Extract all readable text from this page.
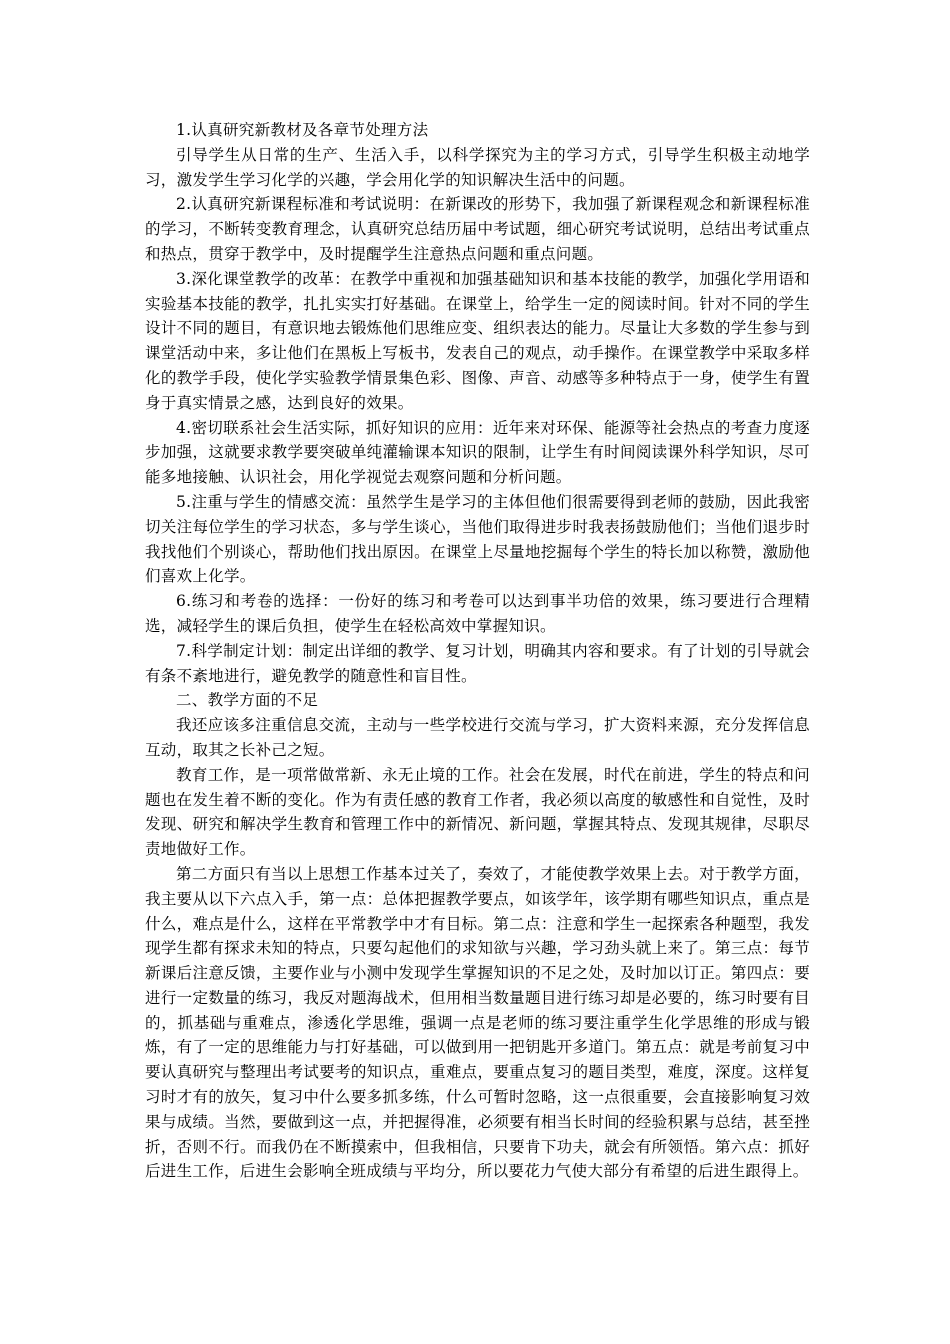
1.认真研究新教材及各章节处理方法

引导学生从日常的生产、生活入手，以科学探究为主的学习方式，引导学生积极主动地学习，激发学生学习化学的兴趣，学会用化学的知识解决生活中的问题。

2.认真研究新课程标准和考试说明：在新课改的形势下，我加强了新课程观念和新课程标准的学习，不断转变教育理念，认真研究总结历届中考试题，细心研究考试说明，总结出考试重点和热点，贯穿于教学中，及时提醒学生注意热点问题和重点问题。

3.深化课堂教学的改革：在教学中重视和加强基础知识和基本技能的教学，加强化学用语和实验基本技能的教学，扎扎实实打好基础。在课堂上，给学生一定的阅读时间。针对不同的学生设计不同的题目，有意识地去锻炼他们思维应变、组织表达的能力。尽量让大多数的学生参与到课堂活动中来，多让他们在黑板上写板书，发表自己的观点，动手操作。在课堂教学中采取多样化的教学手段，使化学实验教学情景集色彩、图像、声音、动感等多种特点于一身，使学生有置身于真实情景之感，达到良好的效果。

4.密切联系社会生活实际，抓好知识的应用：近年来对环保、能源等社会热点的考查力度逐步加强，这就要求教学要突破单纯灌输课本知识的限制，让学生有时间阅读课外科学知识，尽可能多地接触、认识社会，用化学视觉去观察问题和分析问题。

5.注重与学生的情感交流：虽然学生是学习的主体但他们很需要得到老师的鼓励，因此我密切关注每位学生的学习状态，多与学生谈心，当他们取得进步时我表扬鼓励他们；当他们退步时我找他们个别谈心，帮助他们找出原因。在课堂上尽量地挖掘每个学生的特长加以称赞，激励他们喜欢上化学。

6.练习和考卷的选择：一份好的练习和考卷可以达到事半功倍的效果，练习要进行合理精选，减轻学生的课后负担，使学生在轻松高效中掌握知识。

7.科学制定计划：制定出详细的教学、复习计划，明确其内容和要求。有了计划的引导就会有条不紊地进行，避免教学的随意性和盲目性。

二、教学方面的不足

我还应该多注重信息交流，主动与一些学校进行交流与学习，扩大资料来源，充分发挥信息互动，取其之长补己之短。

教育工作，是一项常做常新、永无止境的工作。社会在发展，时代在前进，学生的特点和问题也在发生着不断的变化。作为有责任感的教育工作者，我必须以高度的敏感性和自觉性，及时发现、研究和解决学生教育和管理工作中的新情况、新问题，掌握其特点、发现其规律，尽职尽责地做好工作。

第二方面只有当以上思想工作基本过关了，奏效了，才能使教学效果上去。对于教学方面，我主要从以下六点入手，第一点：总体把握教学要点，如该学年，该学期有哪些知识点，重点是什么，难点是什么，这样在平常教学中才有目标。第二点：注意和学生一起探索各种题型，我发现学生都有探求未知的特点，只要勾起他们的求知欲与兴趣，学习劲头就上来了。第三点：每节新课后注意反馈，主要作业与小测中发现学生掌握知识的不足之处，及时加以订正。第四点：要进行一定数量的练习，我反对题海战术，但用相当数量题目进行练习却是必要的，练习时要有目的，抓基础与重难点，渗透化学思维，强调一点是老师的练习要注重学生化学思维的形成与锻炼，有了一定的思维能力与打好基础，可以做到用一把钥匙开多道门。第五点：就是考前复习中要认真研究与整理出考试要考的知识点，重难点，要重点复习的题目类型，难度，深度。这样复习时才有的放矢，复习中什么要多抓多练，什么可暂时忽略，这一点很重要，会直接影响复习效果与成绩。当然，要做到这一点，并把握得准，必须要有相当长时间的经验积累与总结，甚至挫折，否则不行。而我仍在不断摸索中，但我相信，只要肯下功夫，就会有所领悟。第六点：抓好后进生工作，后进生会影响全班成绩与平均分，所以要花力气使大部分有希望的后进生跟得上。
